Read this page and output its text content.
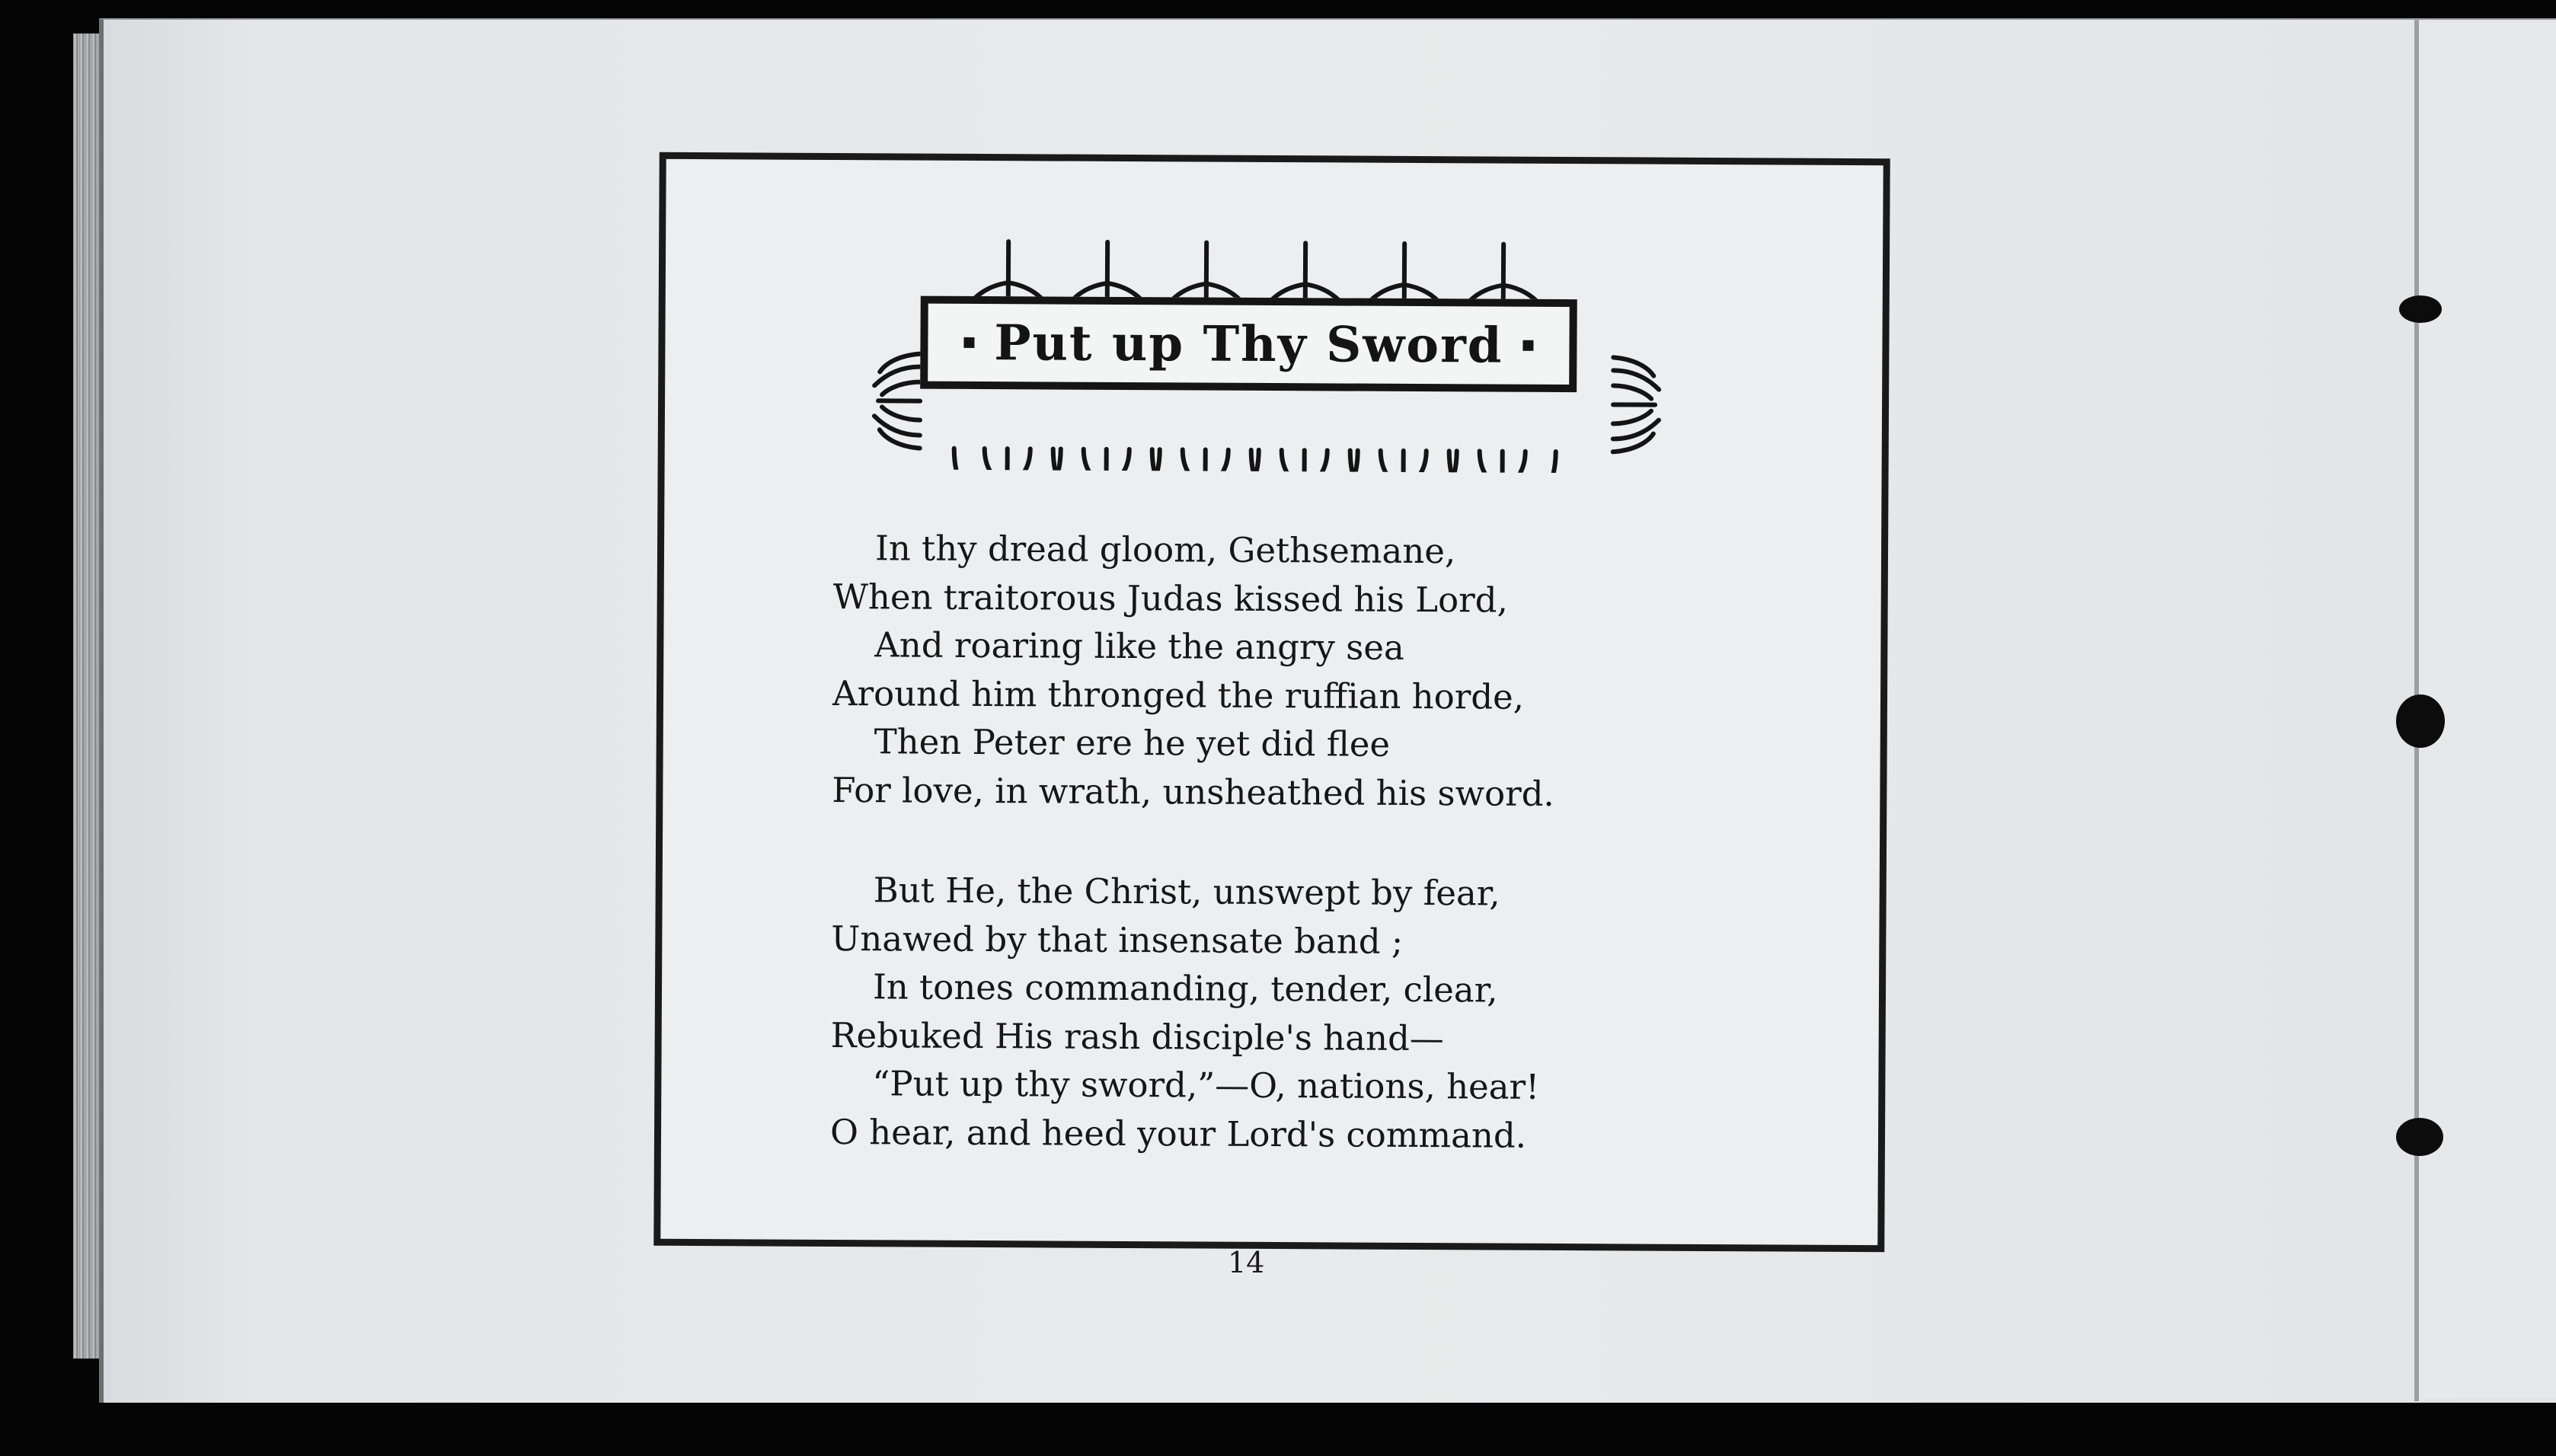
Put up Thy Sword
In thy dread gloom, Gethsemane,
When traitorous Judas kissed his Lord,
And roaring like the angry sea
Around him thronged the ruffian horde,
Then Peter ere he yet did flee
For love, in wrath, unsheathed his sword.
But He, the Christ, unswept by fear,
Unawed by that insensate band ;
In tones commanding, tender, clear,
Rebuked His rash disciple's hand—
“Put up thy sword,”—O, nations, hear!
O hear, and heed your Lord's command.
14
